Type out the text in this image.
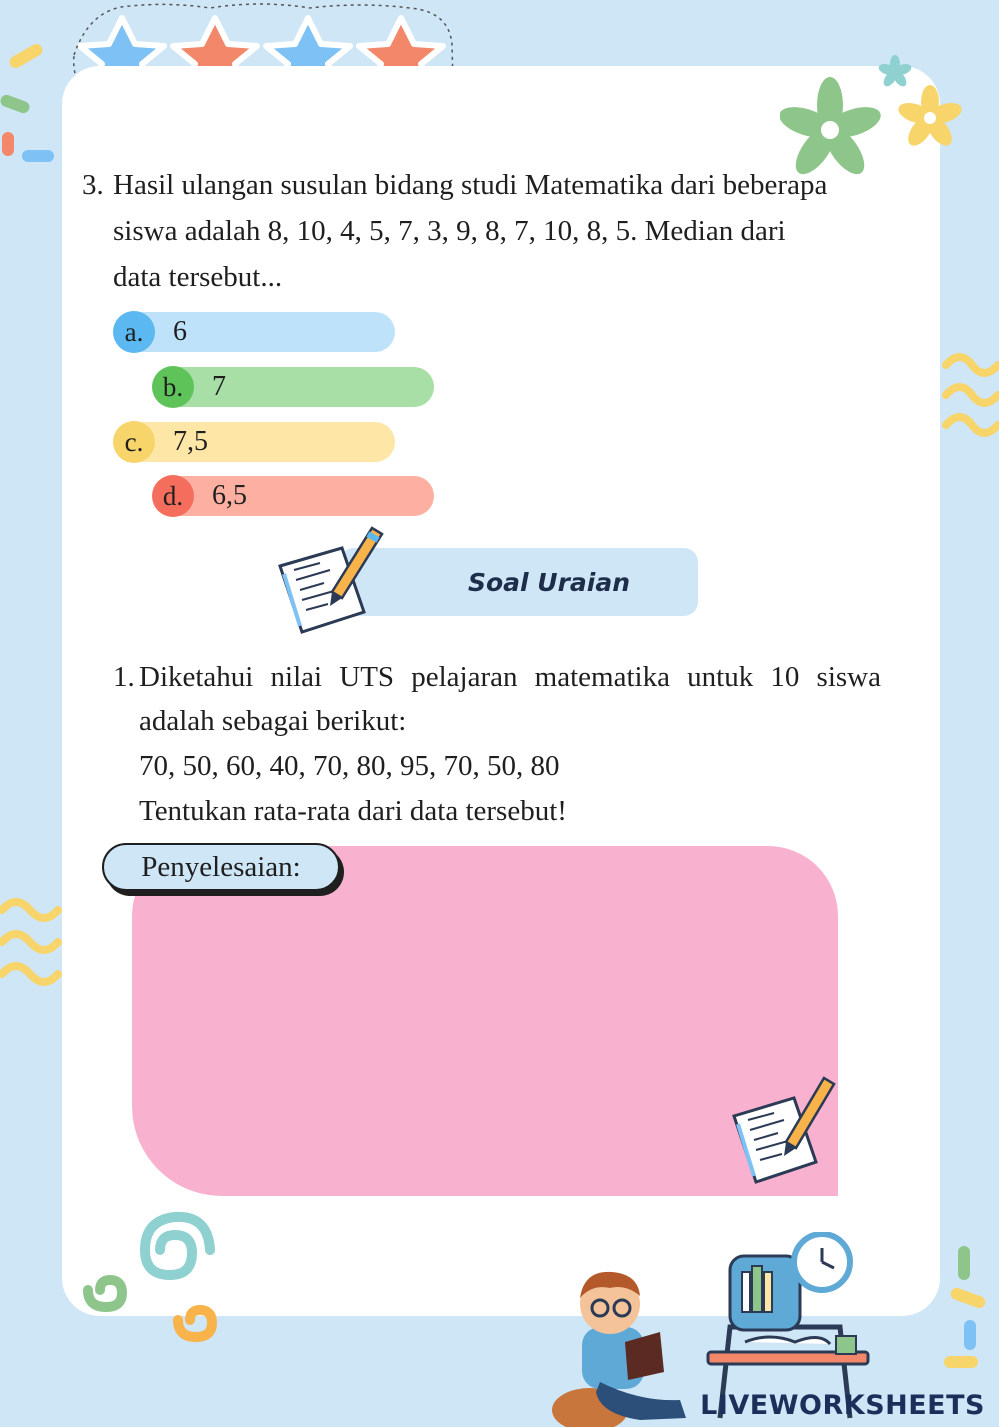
3. Hasil ulangan susulan bidang studi Matematika dari beberapa
siswa adalah 8, 10, 4, 5, 7, 3, 9, 8, 7, 10, 8, 5. Median dari
data tersebut...
a.	6
b.	7
c.	7,5
d.	6,5
Soal Uraian
1. Diketahui nilai UTS pelajaran matematika untuk 10 siswa
adalah sebagai berikut:
70, 50, 60, 40, 70, 80, 95, 70, 50, 80
Tentukan rata-rata dari data tersebut!
Penyelesaian:
LIVEWORKSHEETS
